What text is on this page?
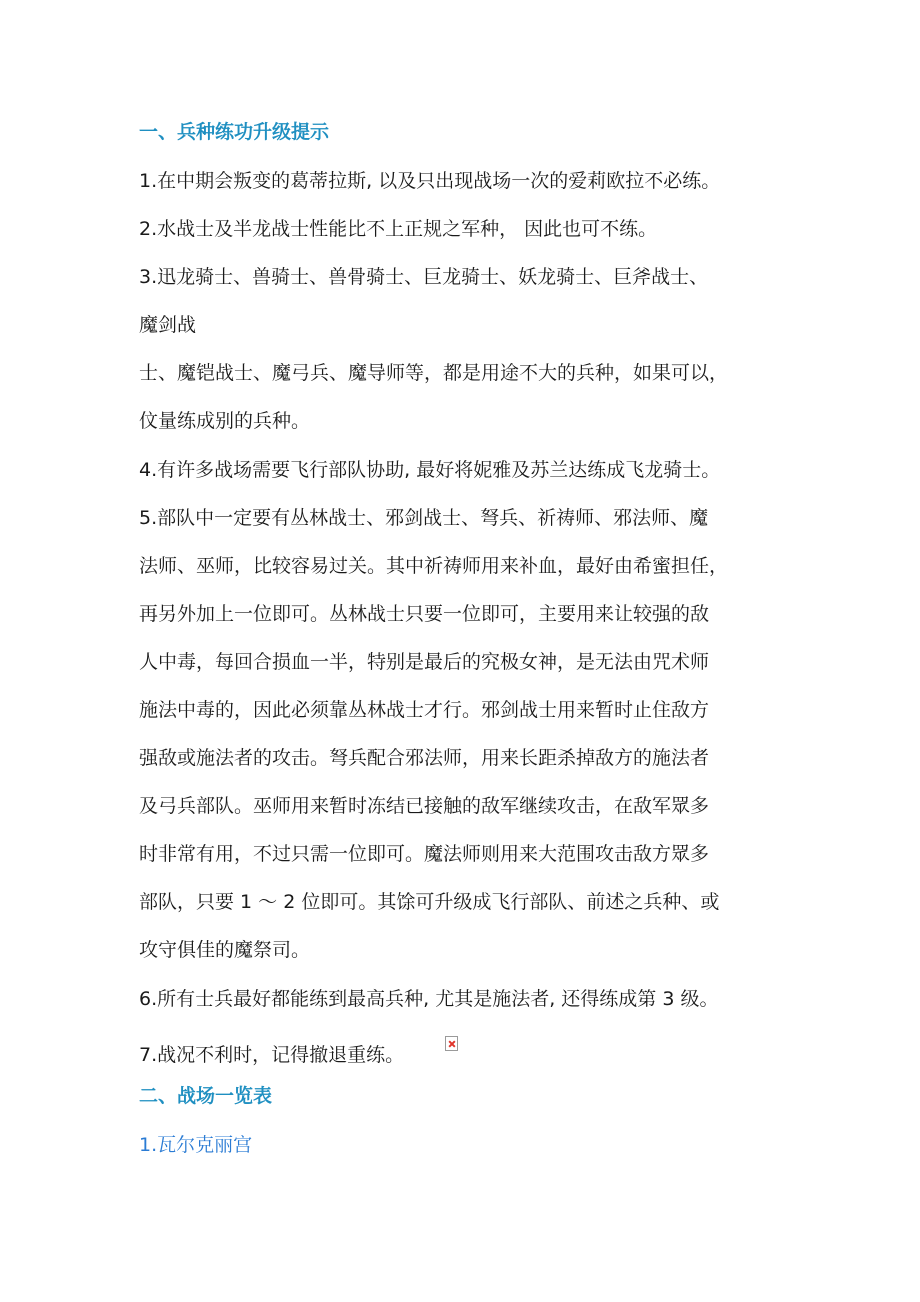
一、兵种练功升级提示
1.在中期会叛变的葛蒂拉斯, 以及只出现战场一次的爱莉欧拉不必练。
2.水战士及半龙战士性能比不上正规之军种， 因此也可不练。
3.迅龙骑士、兽骑士、兽骨骑士、巨龙骑士、妖龙骑士、巨斧战士、
魔剑战
士、魔铠战士、魔弓兵、魔导师等，都是用途不大的兵种，如果可以，
伩量练成别的兵种。
4.有许多战场需要飞行部队协助, 最好将妮雅及苏兰达练成飞龙骑士。
5.部队中一定要有丛林战士、邪剑战士、弩兵、祈祷师、邪法师、魔
法师、巫师，比较容易过关。其中祈祷师用来补血，最好由希蜜担任，
再另外加上一位即可。丛林战士只要一位即可，主要用来让较强的敌
人中毒，每回合损血一半，特别是最后的究极女神，是无法由咒术师
施法中毒的，因此必须靠丛林战士才行。邪剑战士用来暂时止住敌方
强敌或施法者的攻击。弩兵配合邪法师，用来长距杀掉敌方的施法者
及弓兵部队。巫师用来暂时冻结已接触的敌军继续攻击，在敌军眾多
时非常有用，不过只需一位即可。魔法师则用来大范围攻击敌方眾多
部队，只要 1 ～ 2 位即可。其馀可升级成飞行部队、前述之兵种、或
攻守俱佳的魔祭司。
6.所有士兵最好都能练到最高兵种, 尤其是施法者, 还得练成第 3 级。
7.战况不利时，记得撤退重练。
二、战场一览表
1.瓦尔克丽宫
